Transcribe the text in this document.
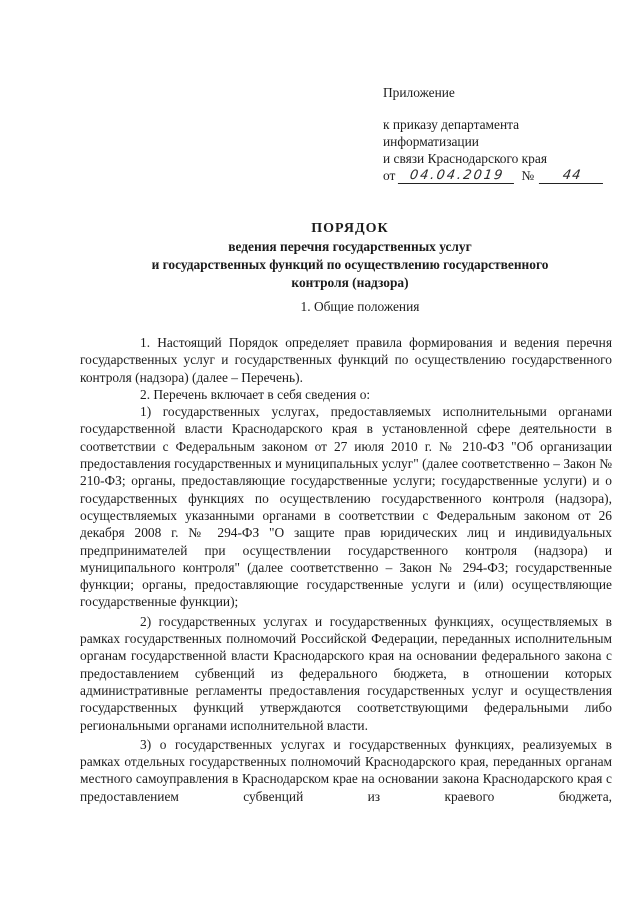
Приложение
к приказу департамента
информатизации
и связи Краснодарского края
от	04.04.2019	№	44
ПОРЯДОК
ведения перечня государственных услуг
и государственных функций по осуществлению государственного
контроля (надзора)
1. Общие положения

1. Настоящий Порядок определяет правила формирования и ведения перечня государственных услуг и государственных функций по осуществлению государственного контроля (надзора) (далее – Перечень).

2. Перечень включает в себя сведения о:

1) государственных услугах, предоставляемых исполнительными органами государственной власти Краснодарского края в установленной сфере деятельности в соответствии с Федеральным законом от 27 июля 2010 г. № 210-ФЗ "Об организации предоставления государственных и муниципальных услуг" (далее соответственно – Закон № 210-ФЗ; органы, предоставляющие государственные услуги; государственные услуги) и о государственных функциях по осуществлению государственного контроля (надзора), осуществляемых указанными органами в соответствии с Федеральным законом от 26 декабря 2008 г. № 294-ФЗ "О защите прав юридических лиц и индивидуальных предпринимателей при осуществлении государственного контроля (надзора) и муниципального контроля" (далее соответственно – Закон № 294-ФЗ; государственные функции; органы, предоставляющие государственные услуги и (или) осуществляющие государственные функции);

2) государственных услугах и государственных функциях, осуществляемых в рамках государственных полномочий Российской Федерации, переданных исполнительным органам государственной власти Краснодарского края на основании федерального закона с предоставлением субвенций из федерального бюджета, в отношении которых административные регламенты предоставления государственных услуг и осуществления государственных функций утверждаются соответствующими федеральными либо региональными органами исполнительной власти.

3) о государственных услугах и государственных функциях, реализуемых в рамках отдельных государственных полномочий Краснодарского края, переданных органам местного самоуправления в Краснодарском крае на основании закона Краснодарского края с предоставлением субвенций из краевого бюджета,
